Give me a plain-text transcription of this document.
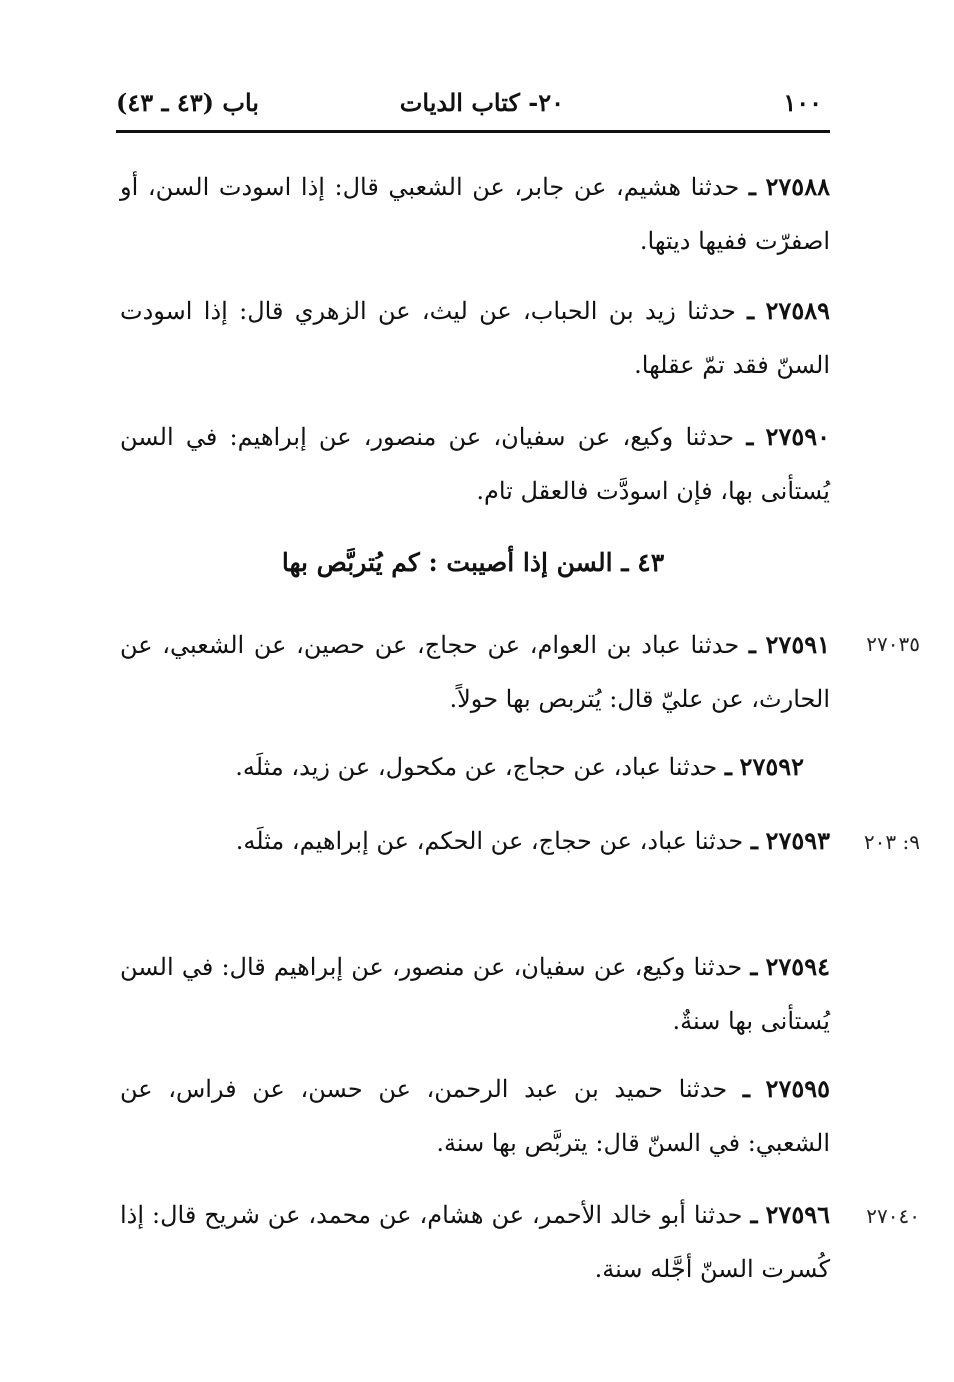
١٠٠
٢٠- كتاب الديات
باب (٤٣ ـ ٤٣)
٢٧٥٨٨ ـ حدثنا هشيم، عن جابر، عن الشعبي قال: إذا اسودت السن، أو اصفرّت ففيها ديتها.
٢٧٥٨٩ ـ حدثنا زيد بن الحباب، عن ليث، عن الزهري قال: إذا اسودت السنّ فقد تمّ عقلها.
٢٧٥٩٠ ـ حدثنا وكيع، عن سفيان، عن منصور، عن إبراهيم: في السن يُستأنى بها، فإن اسودَّت فالعقل تام.
٤٣ ـ السن إذا أصيبت : كم يُتربَّص بها
٢٧٥٩١ ـ حدثنا عباد بن العوام، عن حجاج، عن حصين، عن الشعبي، عن الحارث، عن عليّ قال: يُتربص بها حولاً.
٢٧٠٣٥
٢٧٥٩٢ ـ حدثنا عباد، عن حجاج، عن مكحول، عن زيد، مثلَه.
٢٧٥٩٣ ـ حدثنا عباد، عن حجاج، عن الحكم، عن إبراهيم، مثلَه.	٩: ٢٠٣
٢٧٥٩٤ ـ حدثنا وكيع، عن سفيان، عن منصور، عن إبراهيم قال: في السن يُستأنى بها سنةٌ.
٢٧٥٩٥ ـ حدثنا حميد بن عبد الرحمن، عن حسن، عن فراس، عن الشعبي: في السنّ قال: يتربَّص بها سنة.
٢٧٥٩٦ ـ حدثنا أبو خالد الأحمر، عن هشام، عن محمد، عن شريح قال: إذا كُسرت السنّ أجَّله سنة.
٢٧٠٤٠
